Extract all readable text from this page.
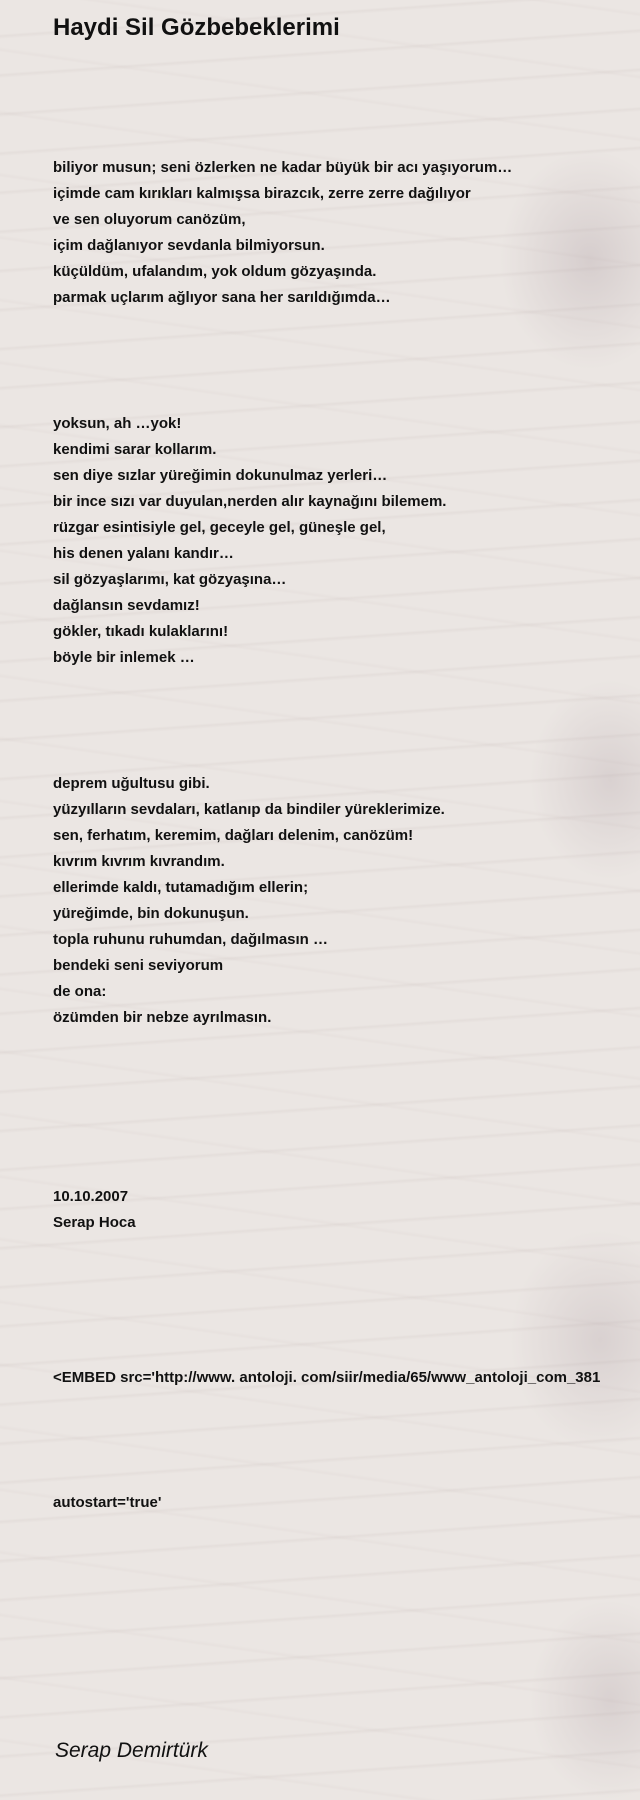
Haydi Sil Gözbebeklerimi
biliyor musun; seni özlerken ne kadar büyük bir acı yaşıyorum…
içimde cam kırıkları kalmışsa birazcık, zerre zerre dağılıyor
ve sen oluyorum canözüm,
içim dağlanıyor sevdanla bilmiyorsun.
küçüldüm, ufalandım, yok oldum gözyaşında.
parmak uçlarım ağlıyor sana her sarıldığımda…
yoksun, ah …yok!
kendimi sarar kollarım.
sen diye sızlar yüreğimin dokunulmaz yerleri…
bir ince sızı var duyulan,nerden alır kaynağını bilemem.
rüzgar esintisiyle gel, geceyle gel, güneşle gel,
his denen yalanı kandır…
sil gözyaşlarımı, kat gözyaşına…
dağlansın sevdamız!
gökler, tıkadı kulaklarını!
böyle bir inlemek …
deprem uğultusu gibi.
yüzyılların sevdaları, katlanıp da bindiler yüreklerimize.
sen, ferhatım, keremim, dağları delenim, canözüm!
kıvrım kıvrım kıvrandım.
ellerimde kaldı, tutamadığım ellerin;
yüreğimde, bin dokunuşun.
topla ruhunu ruhumdan, dağılmasın …
bendeki seni seviyorum
de ona:
özümden bir nebze ayrılmasın.
10.10.2007
Serap Hoca
<EMBED src='http://www. antoloji. com/siir/media/65/www_antoloji_com_381
autostart='true'
Serap Demirtürk
